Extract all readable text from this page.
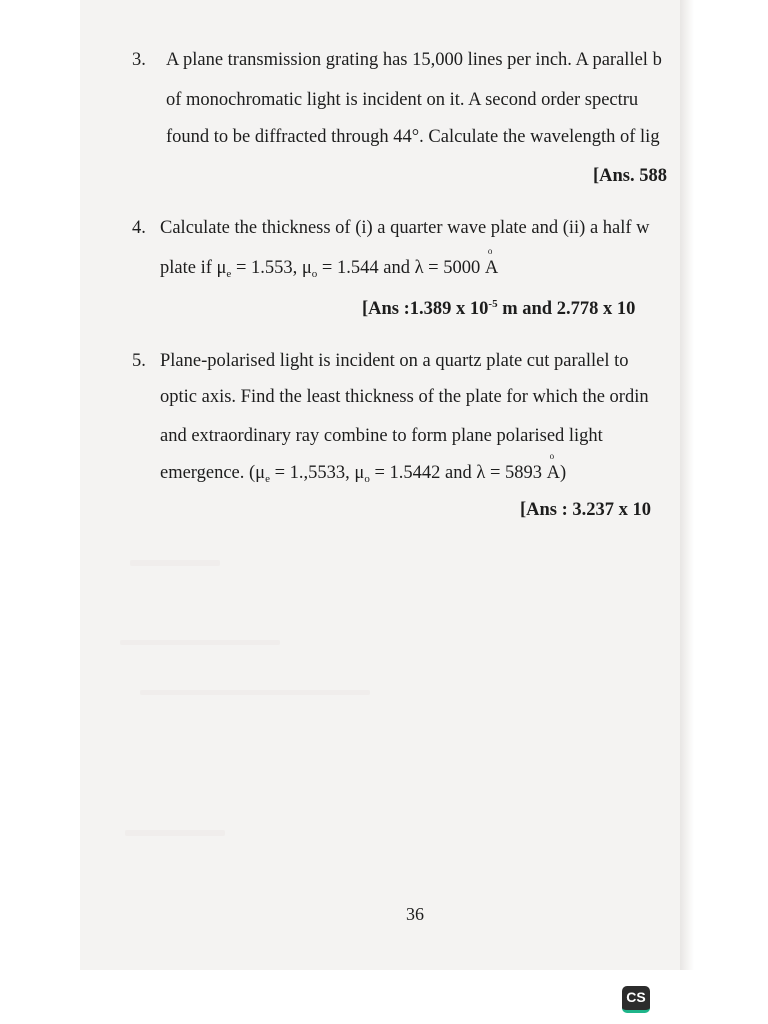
3. A plane transmission grating has 15,000 lines per inch. A parallel b
of monochromatic light is incident on it. A second order spectru
found to be diffracted through 44°. Calculate the wavelength of lig
[Ans. 588
4. Calculate the thickness of (i) a quarter wave plate and (ii) a half w
plate if $\mu_e = 1.553$, $\mu_o = 1.544$ and λ = 5000 o A
[Ans :1.389 x $10^{-5}$ m and 2.778 x 10
5. Plane-polarised light is incident on a quartz plate cut parallel to
optic axis. Find the least thickness of the plate for which the ordin
and extraordinary ray combine to form plane polarised light
emergence. ($\mu_e = 1.,5533$, $\mu_o = 1.5442$ and λ = 5893 o A)
[Ans : 3.237 x 10
36
CS
